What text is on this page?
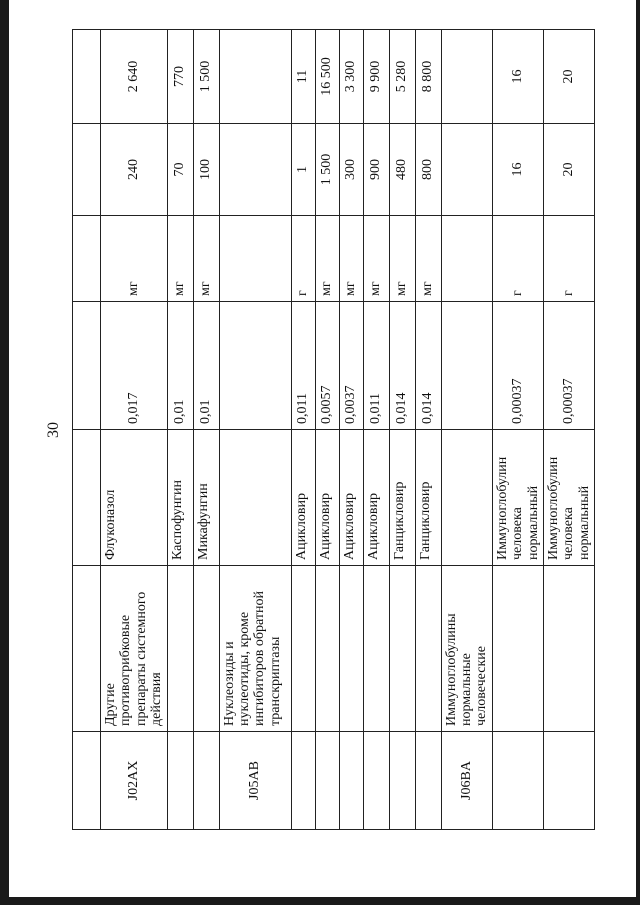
30

J02AX	Другие противогрибковые препараты системного действия	Флуконазол	0,017	мг	240	2 640
		Каспофунгин	0,01	мг	70	770
		Микафунгин	0,01	мг	100	1 500
J05AB	Нуклеозиды и нуклеотиды, кроме ингибиторов обратной транскриптазы					
		Ацикловир	0,011	г	1	11
		Ацикловир	0,0057	мг	1 500	16 500
		Ацикловир	0,0037	мг	300	3 300
		Ацикловир	0,011	мг	900	9 900
		Ганцикловир	0,014	мг	480	5 280
		Ганцикловир	0,014	мг	800	8 800
J06BA	Иммуноглобулины нормальные человеческие					
		Иммуноглобулин человека нормальный	0,00037	г	16	16
		Иммуноглобулин человека нормальный	0,00037	г	20	20
